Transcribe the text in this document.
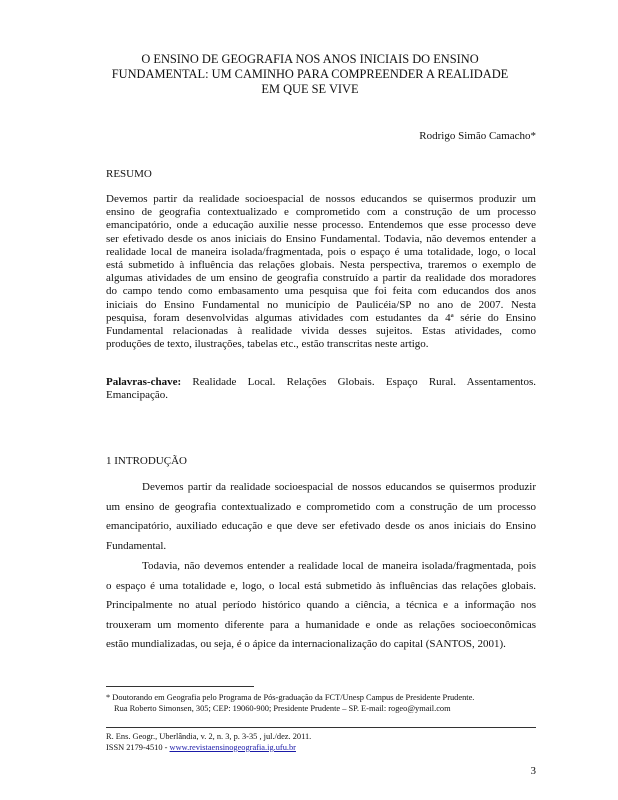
O ENSINO DE GEOGRAFIA NOS ANOS INICIAIS DO ENSINO
FUNDAMENTAL: UM CAMINHO PARA COMPREENDER A REALIDADE
EM QUE SE VIVE
Rodrigo Simão Camacho*
RESUMO
Devemos partir da realidade socioespacial de nossos educandos se quisermos produzir um
ensino de geografia contextualizado e comprometido com a construção de um processo
emancipatório, onde a educação auxilie nesse processo. Entendemos que esse processo deve
ser efetivado desde os anos iniciais do Ensino Fundamental. Todavia, não devemos entender a
realidade local de maneira isolada/fragmentada, pois o espaço é uma totalidade, logo, o local
está submetido à influência das relações globais. Nesta perspectiva, traremos o exemplo de
algumas atividades de um ensino de geografia construído a partir da realidade dos moradores
do campo tendo como embasamento uma pesquisa que foi feita com educandos dos anos
iniciais do Ensino Fundamental no município de Paulicéia/SP no ano de 2007. Nesta
pesquisa, foram desenvolvidas algumas atividades com estudantes da 4ª série do Ensino
Fundamental relacionadas à realidade vivida desses sujeitos. Estas atividades, como
produções de texto, ilustrações, tabelas etc., estão transcritas neste artigo.
Palavras-chave: Realidade Local. Relações Globais. Espaço Rural. Assentamentos.
Emancipação.
1 INTRODUÇÃO
Devemos partir da realidade socioespacial de nossos educandos se quisermos produzir
um ensino de geografia contextualizado e comprometido com a construção de um processo
emancipatório, auxiliado educação e que deve ser efetivado desde os anos iniciais do Ensino
Fundamental.
Todavia, não devemos entender a realidade local de maneira isolada/fragmentada, pois
o espaço é uma totalidade e, logo, o local está submetido às influências das relações globais.
Principalmente no atual período histórico quando a ciência, a técnica e a informação nos
trouxeram um momento diferente para a humanidade e onde as relações socioeconômicas
estão mundializadas, ou seja, é o ápice da internacionalização do capital (SANTOS, 2001).
* Doutorando em Geografia pelo Programa de Pós-graduação da FCT/Unesp Campus de Presidente Prudente.
Rua Roberto Simonsen, 305; CEP: 19060-900; Presidente Prudente – SP. E-mail: rogeo@ymail.com
R. Ens. Geogr., Uberlândia, v. 2, n. 3, p. 3-35 , jul./dez. 2011.
ISSN 2179-4510 - www.revistaensinogeografia.ig.ufu.br
3
